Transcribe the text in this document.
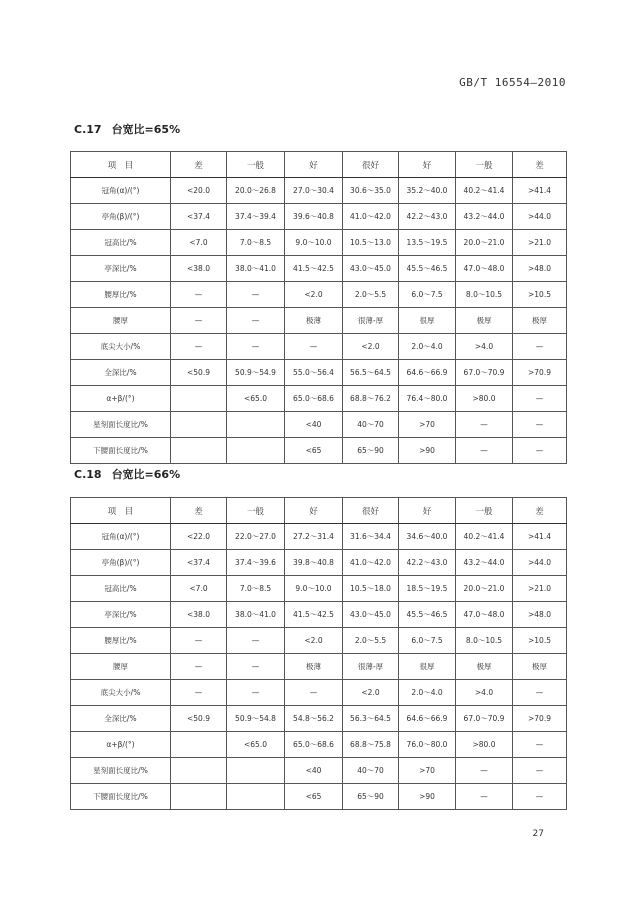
GB/T 16554—2010
C.17 台宽比=65%
项　目	差	一般	好	很好	好	一般	差
冠角(α)/(°)	<20.0	20.0～26.8	27.0～30.4	30.6～35.0	35.2～40.0	40.2～41.4	>41.4
亭角(β)/(°)	<37.4	37.4～39.4	39.6～40.8	41.0～42.0	42.2～43.0	43.2～44.0	>44.0
冠高比/%	<7.0	7.0～8.5	9.0～10.0	10.5～13.0	13.5～19.5	20.0～21.0	>21.0
亭深比/%	<38.0	38.0～41.0	41.5～42.5	43.0～45.0	45.5～46.5	47.0～48.0	>48.0
腰厚比/%	—	—	<2.0	2.0～5.5	6.0～7.5	8.0～10.5	>10.5
腰厚	—	—	极薄	很薄-厚	很厚	极厚	极厚
底尖大小/%	—	—	—	<2.0	2.0～4.0	>4.0	—
全深比/%	<50.9	50.9～54.9	55.0～56.4	56.5～64.5	64.6～66.9	67.0～70.9	>70.9
α+β/(°)		<65.0	65.0～68.6	68.8～76.2	76.4～80.0	>80.0	—
星刻面长度比/%			<40	40～70	>70	—	—
下腰面长度比/%			<65	65～90	>90	—	—
C.18 台宽比=66%
项　目	差	一般	好	很好	好	一般	差
冠角(α)/(°)	<22.0	22.0～27.0	27.2～31.4	31.6～34.4	34.6～40.0	40.2～41.4	>41.4
亭角(β)/(°)	<37.4	37.4～39.6	39.8～40.8	41.0～42.0	42.2～43.0	43.2～44.0	>44.0
冠高比/%	<7.0	7.0～8.5	9.0～10.0	10.5～18.0	18.5～19.5	20.0～21.0	>21.0
亭深比/%	<38.0	38.0～41.0	41.5～42.5	43.0～45.0	45.5～46.5	47.0～48.0	>48.0
腰厚比/%	—	—	<2.0	2.0～5.5	6.0～7.5	8.0～10.5	>10.5
腰厚	—	—	极薄	很薄-厚	很厚	极厚	极厚
底尖大小/%	—	—	—	<2.0	2.0～4.0	>4.0	—
全深比/%	<50.9	50.9～54.8	54.8～56.2	56.3～64.5	64.6～66.9	67.0～70.9	>70.9
α+β/(°)		<65.0	65.0～68.6	68.8～75.8	76.0～80.0	>80.0	—
星刻面长度比/%			<40	40～70	>70	—	—
下腰面长度比/%			<65	65～90	>90	—	—
27
